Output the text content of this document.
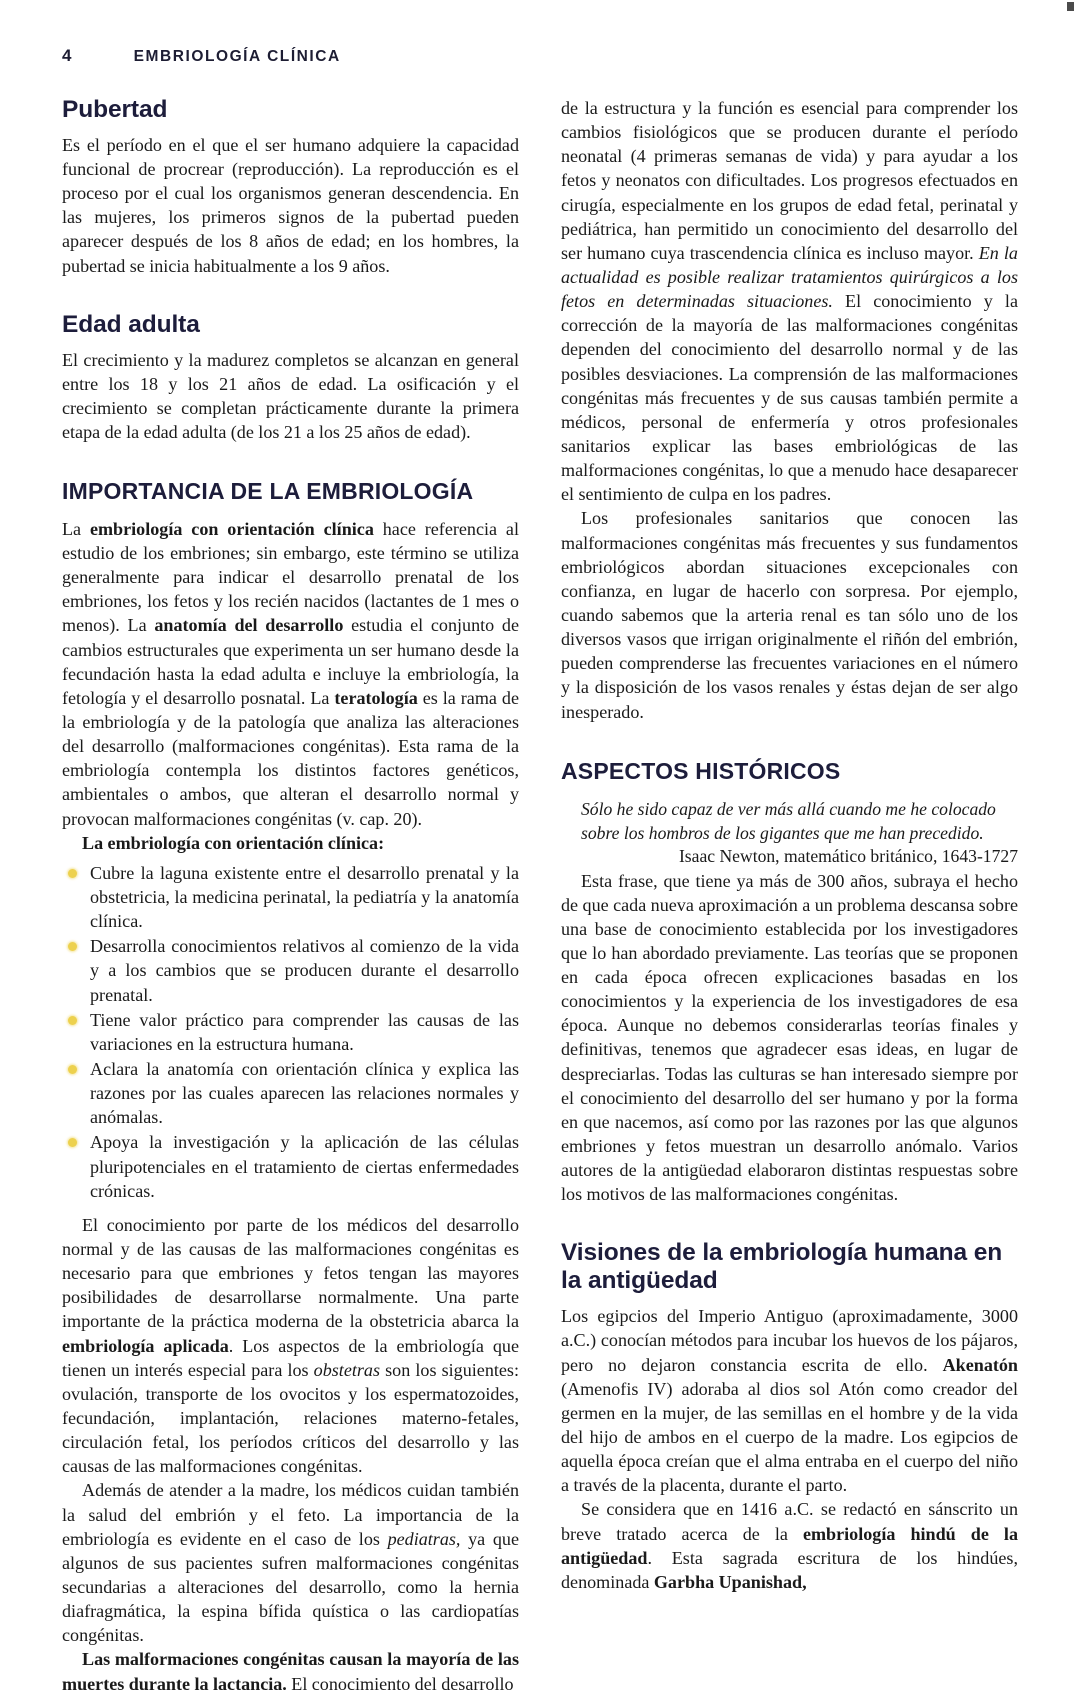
4	EMBRIOLOGÍA CLÍNICA
Pubertad

Es el período en el que el ser humano adquiere la capacidad funcional de procrear (reproducción). La reproducción es el proceso por el cual los organismos generan descendencia. En las mujeres, los primeros signos de la pubertad pueden aparecer después de los 8 años de edad; en los hombres, la pubertad se inicia habitualmente a los 9 años.

Edad adulta

El crecimiento y la madurez completos se alcanzan en general entre los 18 y los 21 años de edad. La osificación y el crecimiento se completan prácticamente durante la primera etapa de la edad adulta (de los 21 a los 25 años de edad).

IMPORTANCIA DE LA EMBRIOLOGÍA

La embriología con orientación clínica hace referencia al estudio de los embriones; sin embargo, este término se utiliza generalmente para indicar el desarrollo prenatal de los embriones, los fetos y los recién nacidos (lactantes de 1 mes o menos). La anatomía del desarrollo estudia el conjunto de cambios estructurales que experimenta un ser humano desde la fecundación hasta la edad adulta e incluye la embriología, la fetología y el desarrollo posnatal. La teratología es la rama de la embriología y de la patología que analiza las alteraciones del desarrollo (malformaciones congénitas). Esta rama de la embriología contempla los distintos factores genéticos, ambientales o ambos, que alteran el desarrollo normal y provocan malformaciones congénitas (v. cap. 20).

La embriología con orientación clínica:

Cubre la laguna existente entre el desarrollo prenatal y la obstetricia, la medicina perinatal, la pediatría y la anatomía clínica.
Desarrolla conocimientos relativos al comienzo de la vida y a los cambios que se producen durante el desarrollo prenatal.
Tiene valor práctico para comprender las causas de las variaciones en la estructura humana.
Aclara la anatomía con orientación clínica y explica las razones por las cuales aparecen las relaciones normales y anómalas.
Apoya la investigación y la aplicación de las células pluripotenciales en el tratamiento de ciertas enfermedades crónicas.

El conocimiento por parte de los médicos del desarrollo normal y de las causas de las malformaciones congénitas es necesario para que embriones y fetos tengan las mayores posibilidades de desarrollarse normalmente. Una parte importante de la práctica moderna de la obstetricia abarca la embriología aplicada. Los aspectos de la embriología que tienen un interés especial para los obstetras son los siguientes: ovulación, transporte de los ovocitos y los espermatozoides, fecundación, implantación, relaciones materno-fetales, circulación fetal, los períodos críticos del desarrollo y las causas de las malformaciones congénitas.

Además de atender a la madre, los médicos cuidan también la salud del embrión y el feto. La importancia de la embriología es evidente en el caso de los pediatras, ya que algunos de sus pacientes sufren malformaciones congénitas secundarias a alteraciones del desarrollo, como la hernia diafragmática, la espina bífida quística o las cardiopatías congénitas.

Las malformaciones congénitas causan la mayoría de las muertes durante la lactancia. El conocimiento del desarrollo

de la estructura y la función es esencial para comprender los cambios fisiológicos que se producen durante el período neonatal (4 primeras semanas de vida) y para ayudar a los fetos y neonatos con dificultades. Los progresos efectuados en cirugía, especialmente en los grupos de edad fetal, perinatal y pediátrica, han permitido un conocimiento del desarrollo del ser humano cuya trascendencia clínica es incluso mayor. En la actualidad es posible realizar tratamientos quirúrgicos a los fetos en determinadas situaciones. El conocimiento y la corrección de la mayoría de las malformaciones congénitas dependen del conocimiento del desarrollo normal y de las posibles desviaciones. La comprensión de las malformaciones congénitas más frecuentes y de sus causas también permite a médicos, personal de enfermería y otros profesionales sanitarios explicar las bases embriológicas de las malformaciones congénitas, lo que a menudo hace desaparecer el sentimiento de culpa en los padres.

Los profesionales sanitarios que conocen las malformaciones congénitas más frecuentes y sus fundamentos embriológicos abordan situaciones excepcionales con confianza, en lugar de hacerlo con sorpresa. Por ejemplo, cuando sabemos que la arteria renal es tan sólo uno de los diversos vasos que irrigan originalmente el riñón del embrión, pueden comprenderse las frecuentes variaciones en el número y la disposición de los vasos renales y éstas dejan de ser algo inesperado.

ASPECTOS HISTÓRICOS

Sólo he sido capaz de ver más allá cuando me he colocado sobre los hombros de los gigantes que me han precedido.

Isaac Newton, matemático británico, 1643-1727

Esta frase, que tiene ya más de 300 años, subraya el hecho de que cada nueva aproximación a un problema descansa sobre una base de conocimiento establecida por los investigadores que lo han abordado previamente. Las teorías que se proponen en cada época ofrecen explicaciones basadas en los conocimientos y la experiencia de los investigadores de esa época. Aunque no debemos considerarlas teorías finales y definitivas, tenemos que agradecer esas ideas, en lugar de despreciarlas. Todas las culturas se han interesado siempre por el conocimiento del desarrollo del ser humano y por la forma en que nacemos, así como por las razones por las que algunos embriones y fetos muestran un desarrollo anómalo. Varios autores de la antigüedad elaboraron distintas respuestas sobre los motivos de las malformaciones congénitas.

Visiones de la embriología humana en la antigüedad

Los egipcios del Imperio Antiguo (aproximadamente, 3000 a.C.) conocían métodos para incubar los huevos de los pájaros, pero no dejaron constancia escrita de ello. Akenatón (Amenofis IV) adoraba al dios sol Atón como creador del germen en la mujer, de las semillas en el hombre y de la vida del hijo de ambos en el cuerpo de la madre. Los egipcios de aquella época creían que el alma entraba en el cuerpo del niño a través de la placenta, durante el parto.

Se considera que en 1416 a.C. se redactó en sánscrito un breve tratado acerca de la embriología hindú de la antigüedad. Esta sagrada escritura de los hindúes, denominada Garbha Upanishad,
